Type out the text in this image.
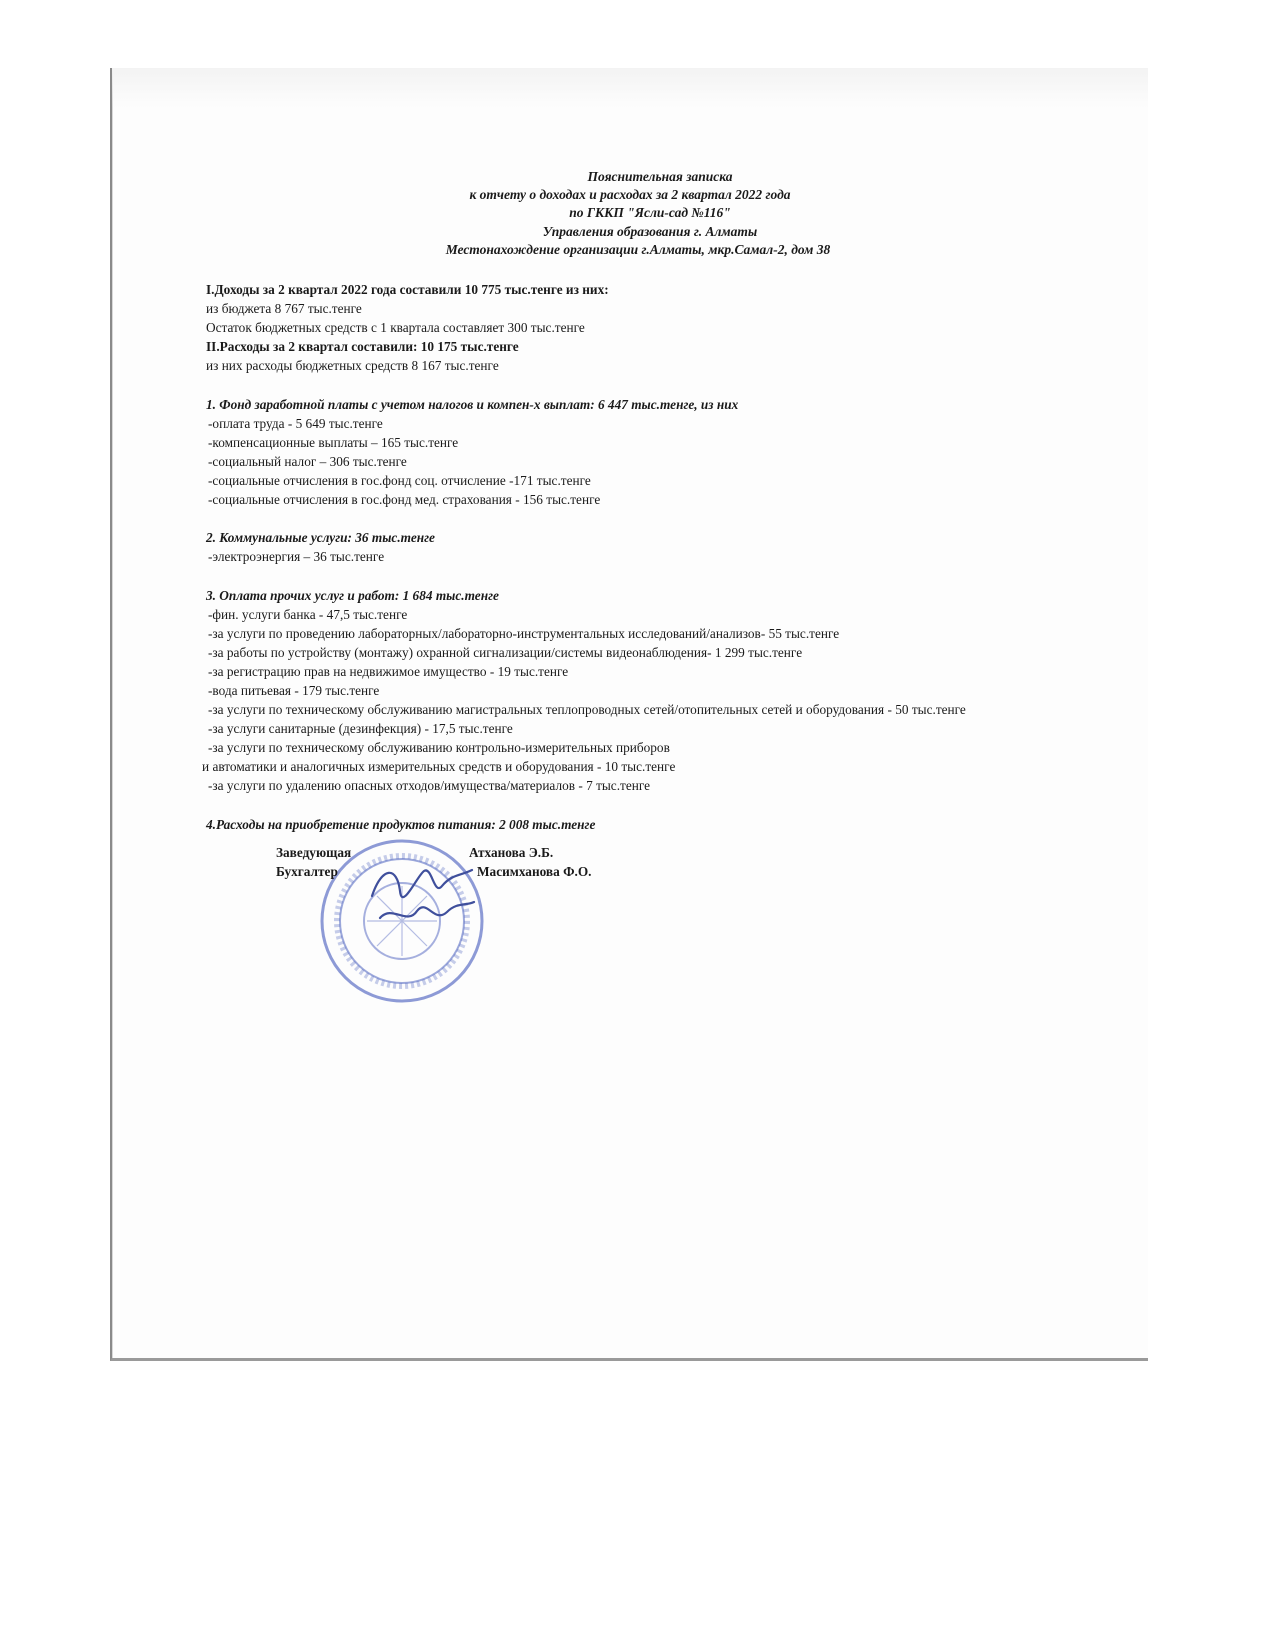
Пояснительная записка
к отчету о доходах и расходах за 2 квартал 2022 года
по ГККП "Ясли-сад №116"
Управления образования г. Алматы
Местонахождение организации г.Алматы, мкр.Самал-2, дом 38
I.Доходы за 2 квартал 2022 года составили 10 775 тыс.тенге из них:
из бюджета 8 767 тыс.тенге
Остаток бюджетных средств с 1 квартала составляет 300 тыс.тенге
II.Расходы за 2 квартал составили: 10 175 тыс.тенге
из них расходы бюджетных средств 8 167 тыс.тенге
1. Фонд заработной платы с учетом налогов и компен-х выплат: 6 447 тыс.тенге, из них
-оплата труда - 5 649 тыс.тенге
-компенсационные выплаты – 165 тыс.тенге
-социальный налог – 306 тыс.тенге
-социальные отчисления в гос.фонд соц. отчисление -171 тыс.тенге
-социальные отчисления в гос.фонд мед. страхования - 156 тыс.тенге
2. Коммунальные услуги: 36 тыс.тенге
-электроэнергия – 36 тыс.тенге
3. Оплата прочих услуг и работ: 1 684 тыс.тенге
-фин. услуги банка - 47,5 тыс.тенге
-за услуги по проведению лабораторных/лабораторно-инструментальных исследований/анализов- 55 тыс.тенге
-за работы по устройству (монтажу) охранной сигнализации/системы видеонаблюдения- 1 299 тыс.тенге
-за регистрацию прав на недвижимое имущество - 19 тыс.тенге
-вода питьевая - 179 тыс.тенге
-за услуги по техническому обслуживанию магистральных теплопроводных сетей/отопительных сетей и оборудования - 50 тыс.тенге
-за услуги санитарные (дезинфекция) - 17,5 тыс.тенге
-за услуги по техническому обслуживанию контрольно-измерительных приборов
и автоматики и аналогичных измерительных средств и оборудования - 10 тыс.тенге
-за услуги по удалению опасных отходов/имущества/материалов - 7 тыс.тенге
4.Расходы на приобретение продуктов питания: 2 008 тыс.тенге
Заведующая	Атханова Э.Б.
Бухгалтер	Масимханова Ф.О.
